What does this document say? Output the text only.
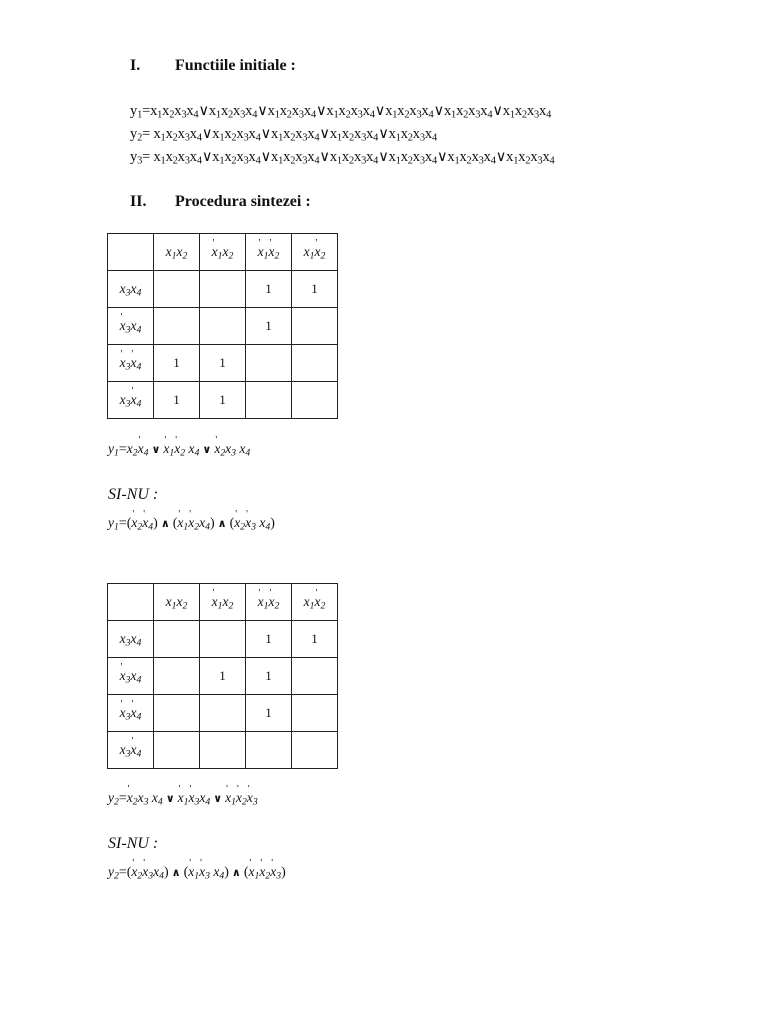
I.	Functiile initiale :
$y_1=x_1x_2x_3x_4\vee x_1x_2x_3x_4\vee x_1x_2x_3x_4\vee x_1x_2x_3x_4\vee x_1x_2x_3x_4\vee x_1x_2x_3x_4\vee x_1x_2x_3x_4$
$y_2=$ $x_1x_2x_3x_4\vee x_1x_2x_3x_4\vee x_1x_2x_3x_4\vee x_1x_2x_3x_4\vee x_1x_2x_3x_4$
$y_3=$ $x_1x_2x_3x_4\vee x_1x_2x_3x_4\vee x_1x_2x_3x_4\vee x_1x_2x_3x_4\vee x_1x_2x_3x_4\vee x_1x_2x_3x_4\vee x_1x_2x_3x_4$
II.	Procedura sintezei :
	$x_1x_2$	' $x_1x_2$	' $x_1'$ $x_2$	$x_1'$ $x_2$
$x_3x_4$			1	1
' $x_3x_4$			1	
' $x_3'$ $x_4$	1	1		
$x_3'$ $x_4$	1	1		
$y_1=x_2'$ $x_4$ ∨ ' $x_1'$ $x_2$ $x_4$ ∨ ' $x_2x_3$ $x_4$
SI-NU :
$y_1=('$ $x_2'$ $x_4$) ∧ (' $x_1'$ $x_2x_4$) ∧ (' $x_2'$ $x_3$ $x_4$)
	$x_1x_2$	' $x_1x_2$	' $x_1'$ $x_2$	$x_1'$ $x_2$
$x_3x_4$			1	1
' $x_3x_4$		1	1	
' $x_3'$ $x_4$			1	
$x_3'$ $x_4$				
$y_2='$ $x_2x_3$ $x_4$ ∨ ' $x_1'$ $x_3x_4$ ∨ ' $x_1'$ $x_2'$ $x_3$
SI-NU :
$y_2=('$ $x_2'$ $x_3x_4$) ∧ (' $x_1'$ $x_3$ $x_4$) ∧ (' $x_1'$ $x_2'$ $x_3$)
